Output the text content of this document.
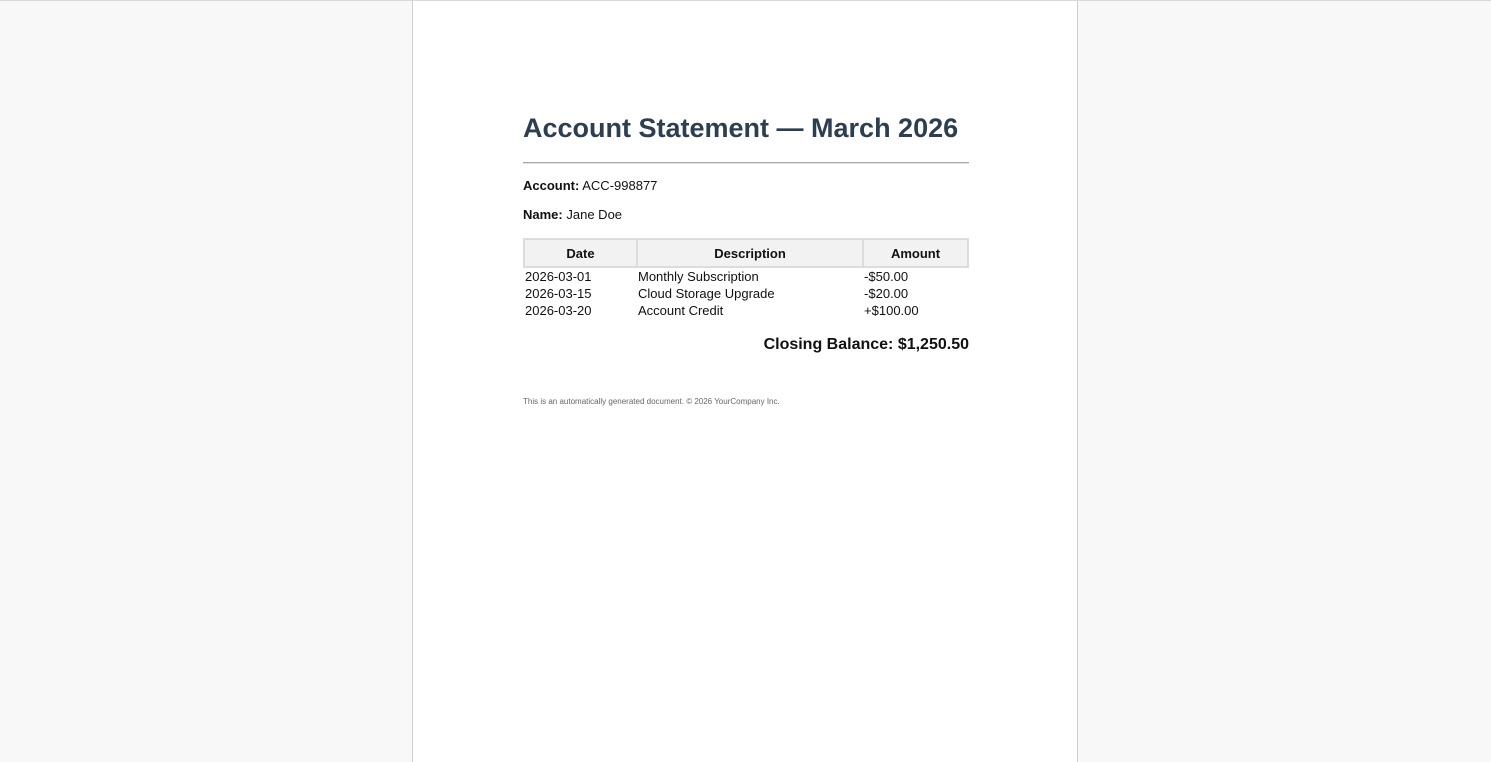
Account Statement — March 2026
Account: ACC-998877
Name: Jane Doe
Date	Description	Amount
2026-03-01	Monthly Subscription	-$50.00
2026-03-15	Cloud Storage Upgrade	-$20.00
2026-03-20	Account Credit	+$100.00
Closing Balance: $1,250.50
This is an automatically generated document. © 2026 YourCompany Inc.
